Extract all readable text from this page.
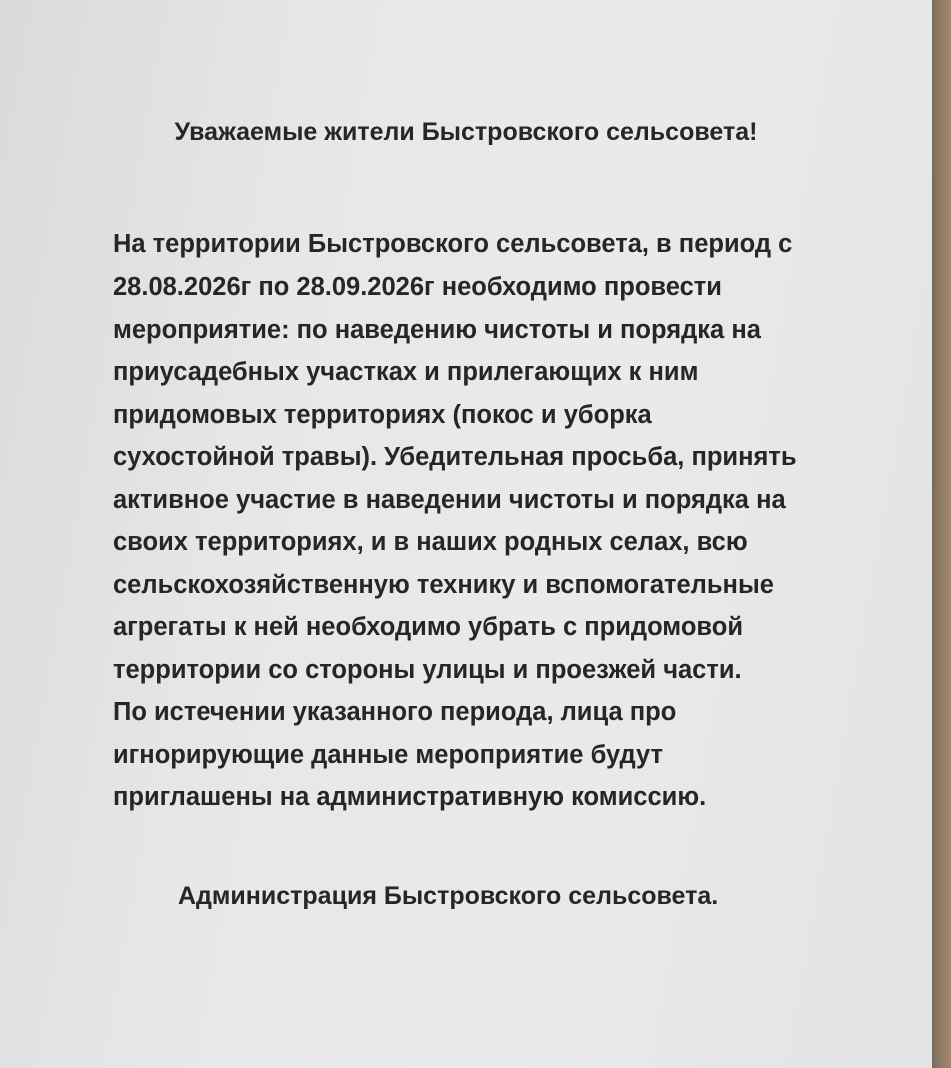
Уважаемые жители Быстровского сельсовета!
На территории Быстровского сельсовета, в период с
28.08.2026г по 28.09.2026г необходимо провести
мероприятие: по наведению чистоты и порядка на
приусадебных участках и прилегающих к ним
придомовых территориях (покос и уборка
сухостойной травы). Убедительная просьба, принять
активное участие в наведении чистоты и порядка на
своих территориях, и в наших родных селах, всю
сельскохозяйственную технику и вспомогательные
агрегаты к ней необходимо убрать с придомовой
территории со стороны улицы и проезжей части.
По истечении указанного периода, лица про
игнорирующие данные мероприятие будут
приглашены на административную комиссию.
Администрация Быстровского сельсовета.
